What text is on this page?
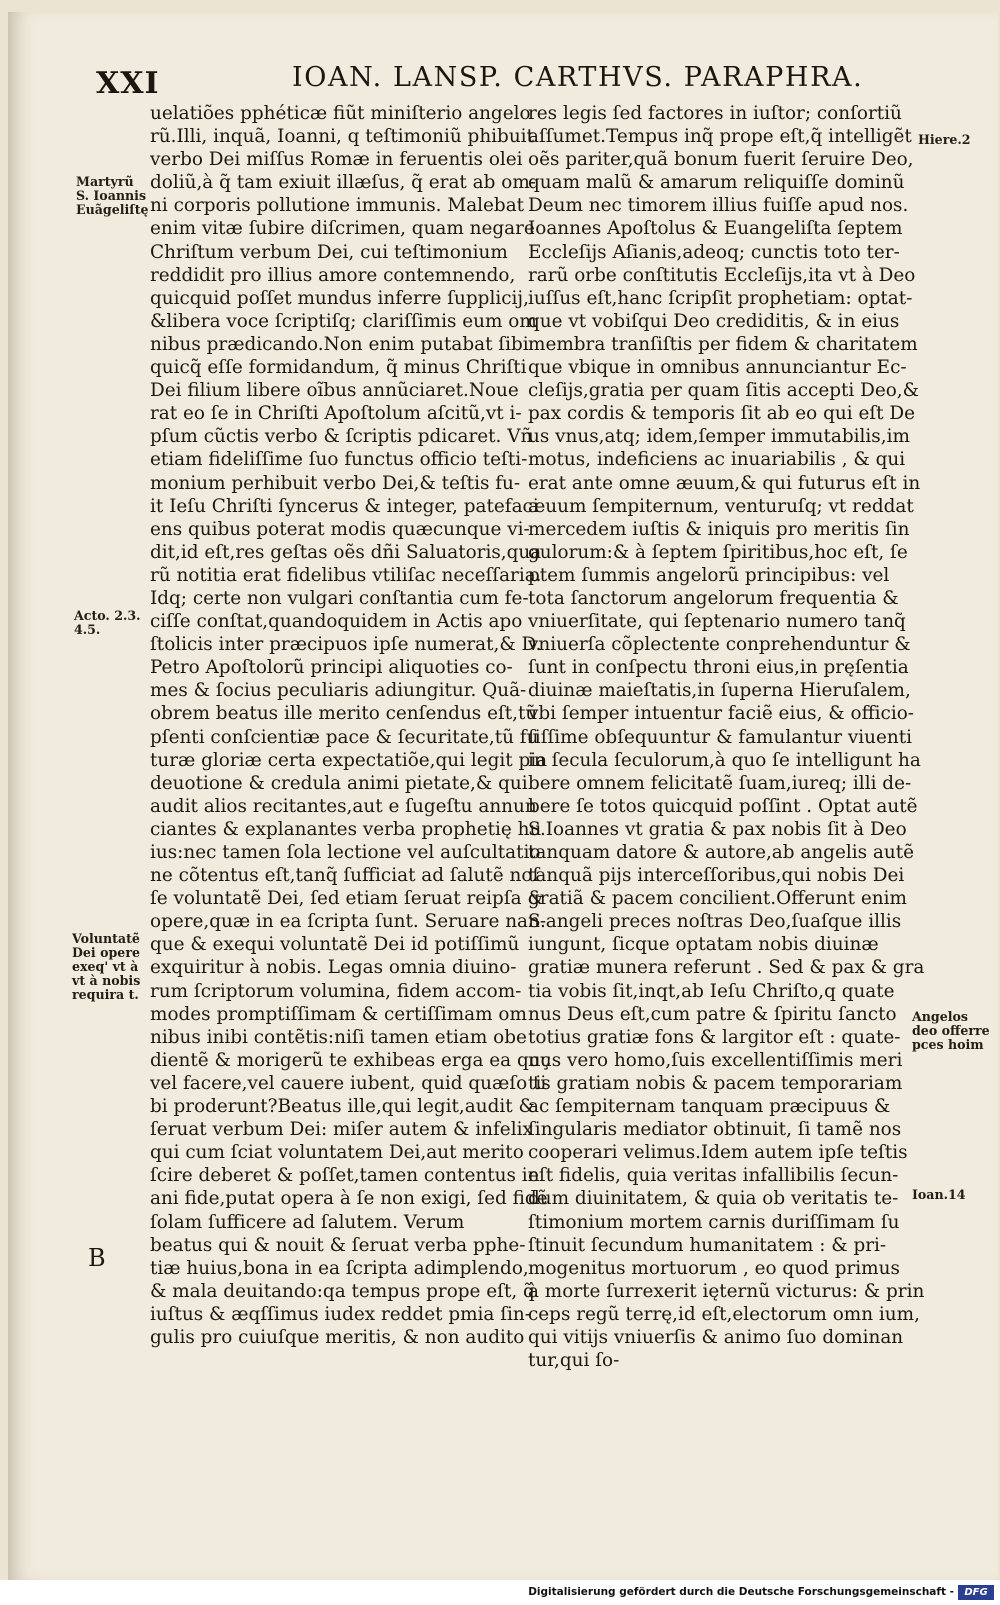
XXI	IOAN. LANSP. CARTHVS. PARAPHRA.
uelatiões pphéticæ fiũt miniſterio angelo
rũ.Illi, inquã, Ioanni, q teſtimoniũ phibuit
verbo Dei miſſus Romæ in feruentis olei
doliũ,à q̃ tam exiuit illæſus, q̃ erat ab om-
ni corporis pollutione immunis. Malebat
enim vitæ ſubire diſcrimen, quam negare
Chriſtum verbum Dei, cui teſtimonium
reddidit pro illius amore contemnendo,
quicquid poſſet mundus inferre ſupplicij,
&libera voce ſcriptiſq; clariſſimis eum om
nibus prædicando.Non enim putabat ſibi
quicq̃ eſſe formidandum, q̃ minus Chriſti
Dei filium libere oĩbus annũciaret.Noue
rat eo ſe in Chriſti Apoſtolum aſcitũ,vt i-
pſum cũctis verbo & ſcriptis pdicaret. Vñ
etiam fideliſſime ſuo functus officio teſti-
monium perhibuit verbo Dei,& teſtis fu-
it Ieſu Chriſti ſyncerus & integer, patefaci
ens quibus poterat modis quæcunque vi-
dit,id eſt,res geſtas oẽs dñi Saluatoris,qua
rũ notitia erat fidelibus vtiliſac neceſſaria.
Idq; certe non vulgari conſtantia cum fe-
ciſſe conſtat,quandoquidem in Actis apo
ſtolicis inter præcipuos ipſe numerat,& D.
Petro Apoſtolorũ principi aliquoties co-
mes & ſocius peculiaris adiungitur. Quã-
obrem beatus ille merito cenſendus eſt,tũ
pſenti conſcientiæ pace & ſecuritate,tũ fu
turæ gloriæ certa expectatiõe,qui legit pia
deuotione & credula animi pietate,& qui
audit alios recitantes,aut e ſugeſtu annun
ciantes & explanantes verba prophetię hu
ius:nec tamen ſola lectione vel auſcultatio
ne cõtentus eſt,tanq̃ ſufficiat ad ſalutẽ noſ
ſe voluntatẽ Dei, ſed etiam ſeruat reipſa &
opere,quæ in ea ſcripta ſunt. Seruare nan-
que & exequi voluntatẽ Dei id potiſſimũ
exquiritur à nobis. Legas omnia diuino-
rum ſcriptorum volumina, fidem accom-
modes promptiſſimam & certiſſimam om
nibus inibi contẽtis:niſi tamen etiam obe
dientẽ & morigerũ te exhibeas erga ea quç
vel facere,vel cauere iubent, quid quæſo ti
bi proderunt?Beatus ille,qui legit,audit &
ſeruat verbum Dei: miſer autem & infelix
qui cum ſciat voluntatem Dei,aut merito
ſcire deberet & poſſet,tamen contentus in
ani fide,putat opera à ſe non exigi, ſed fidẽ
ſolam ſufficere ad ſalutem. Verum
beatus qui & nouit & ſeruat verba pphe-
tiæ huius,bona in ea ſcripta adimplendo,
& mala deuitando:qa tempus prope eſt, q̃
iuſtus & æqſſimus iudex reddet pmia ſin-
gulis pro cuiuſque meritis, & non audito
res legis ſed factores in iuſtor; conſortiũ
aſſumet.Tempus inq̃ prope eſt,q̃ intelligẽt
oẽs pariter,quã bonum fuerit ſeruire Deo,
quam malũ & amarum reliquiſſe dominũ
Deum nec timorem illius fuiſſe apud nos.
Ioannes Apoſtolus & Euangeliſta ſeptem
Eccleſijs Aſianis,adeoq; cunctis toto ter-
rarũ orbe conſtitutis Eccleſijs,ita vt à Deo
iuſſus eſt,hanc ſcripſit prophetiam: optat-
que vt vobiſqui Deo crediditis, & in eius
membra tranſiſtis per fidem & charitatem
que vbique in omnibus annunciantur Ec-
cleſijs,gratia per quam ſitis accepti Deo,&
pax cordis & temporis ſit ab eo qui eſt De
us vnus,atq; idem,ſemper immutabilis,im
motus, indeficiens ac inuariabilis , & qui
erat ante omne æuum,& qui futurus eſt in
æuum ſempiternum, venturuſq; vt reddat
mercedem iuſtis & iniquis pro meritis ſin
gulorum:& à ſeptem ſpiritibus,hoc eſt, ſe
ptem ſummis angelorũ principibus: vel
tota ſanctorum angelorum frequentia &
vniuerſitate, qui ſeptenario numero tanq̃
vniuerſa cõplectente conprehenduntur &
ſunt in conſpectu throni eius,in pręſentia
diuinæ maieſtatis,in ſuperna Hieruſalem,
vbi ſemper intuentur faciẽ eius, & officio-
ſiſſime obſequuntur & famulantur viuenti
in ſecula ſeculorum,à quo ſe intelligunt ha
bere omnem felicitatẽ ſuam,iureq; illi de-
bere ſe totos quicquid poſſint . Optat autẽ
S.Ioannes vt gratia & pax nobis ſit à Deo
tanquam datore & autore,ab angelis autẽ
tanquã pijs interceſſoribus,qui nobis Dei
gratiã & pacem concilient.Offerunt enim
S.angeli preces noſtras Deo,ſuaſque illis
iungunt, ſicque optatam nobis diuinæ
gratiæ munera referunt . Sed & pax & gra
tia vobis ſit,inqt,ab Ieſu Chriſto,q quate
nus Deus eſt,cum patre & ſpiritu ſancto
totius gratiæ fons & largitor eſt : quate-
nus vero homo,ſuis excellentiſſimis meri
tis gratiam nobis & pacem temporariam
ac ſempiternam tanquam præcipuus &
ſingularis mediator obtinuit, ſi tamẽ nos
cooperari velimus.Idem autem ipſe teſtis
eſt fidelis, quia veritas infallibilis ſecun-
dum diuinitatem, & quia ob veritatis te-
ſtimonium mortem carnis duriſſimam ſu
ſtinuit ſecundum humanitatem : & pri-
mogenitus mortuorum , eo quod primus
à morte ſurrexerit ięternũ victurus: & prin
ceps regũ terrę,id eſt,electorum omn ium,
qui vitijs vniuerſis & animo ſuo dominan
tur,qui ſo-
Martyrũ
S. Ioannis
Euãgeliſtę
Acto. 2.3.
4.5.
Voluntatẽ
Dei opere
exeq' vt à
vt à nobis
requira t.
Hiere.2
Angelos
deo offerre
pces hoim
Ioan.14
B
Digitalisierung gefördert durch die Deutsche Forschungsgemeinschaft -	DFG
